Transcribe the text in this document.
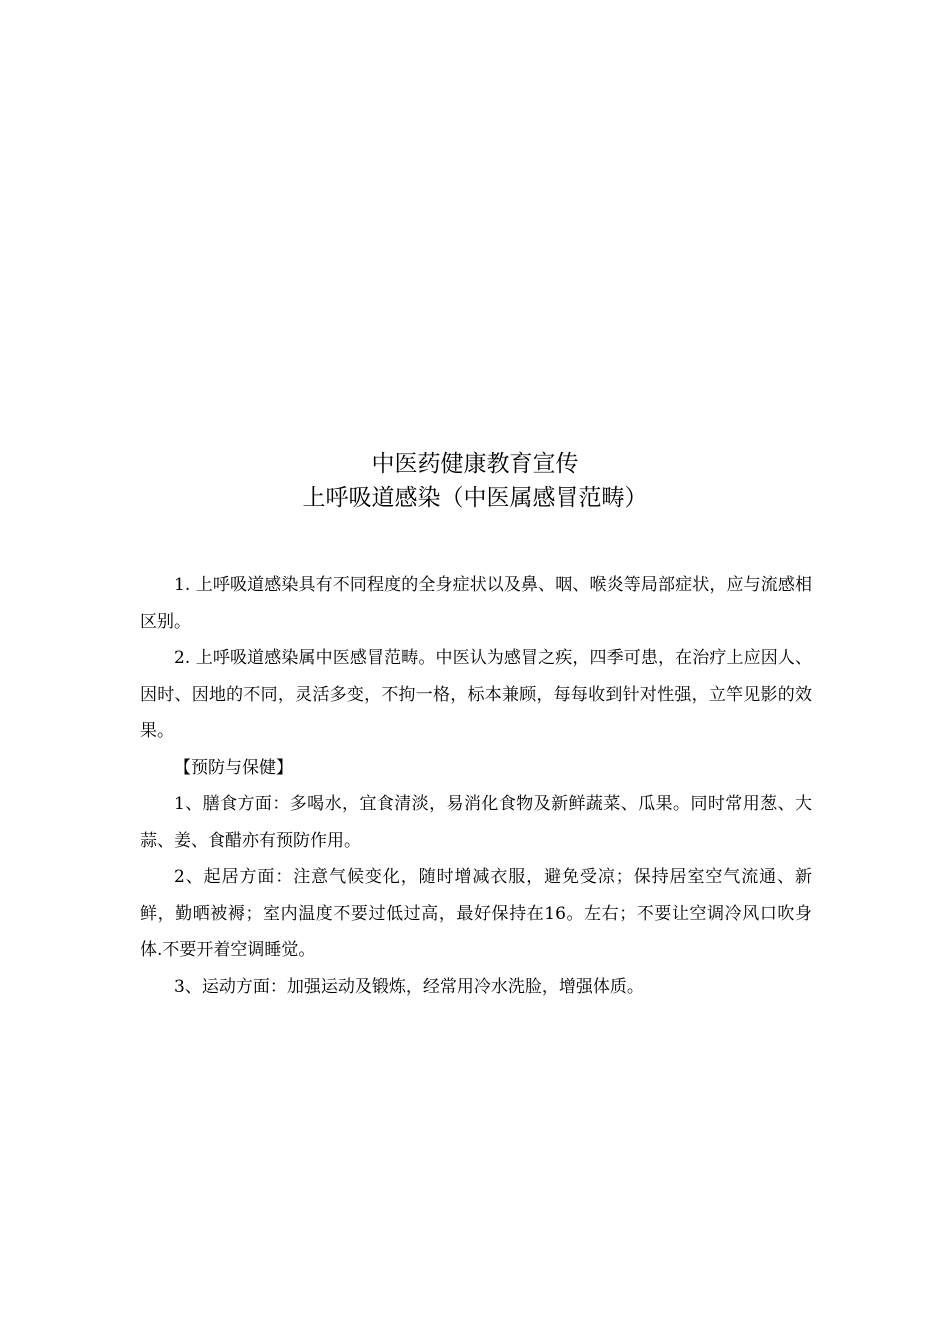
中医药健康教育宣传
上呼吸道感染（中医属感冒范畴）

1. 上呼吸道感染具有不同程度的全身症状以及鼻、咽、喉炎等局部症状，应与流感相区别。

2. 上呼吸道感染属中医感冒范畴。中医认为感冒之疾，四季可患，在治疗上应因人、因时、因地的不同，灵活多变，不拘一格，标本兼顾，每每收到针对性强，立竿见影的效果。

【预防与保健】

1、膳食方面：多喝水，宜食清淡，易消化食物及新鲜蔬菜、瓜果。同时常用葱、大蒜、姜、食醋亦有预防作用。

2、起居方面：注意气候变化，随时增减衣服，避免受凉；保持居室空气流通、新鲜，勤晒被褥；室内温度不要过低过高，最好保持在16。左右；不要让空调冷风口吹身体.不要开着空调睡觉。

3、运动方面：加强运动及锻炼，经常用冷水洗脸，增强体质。
